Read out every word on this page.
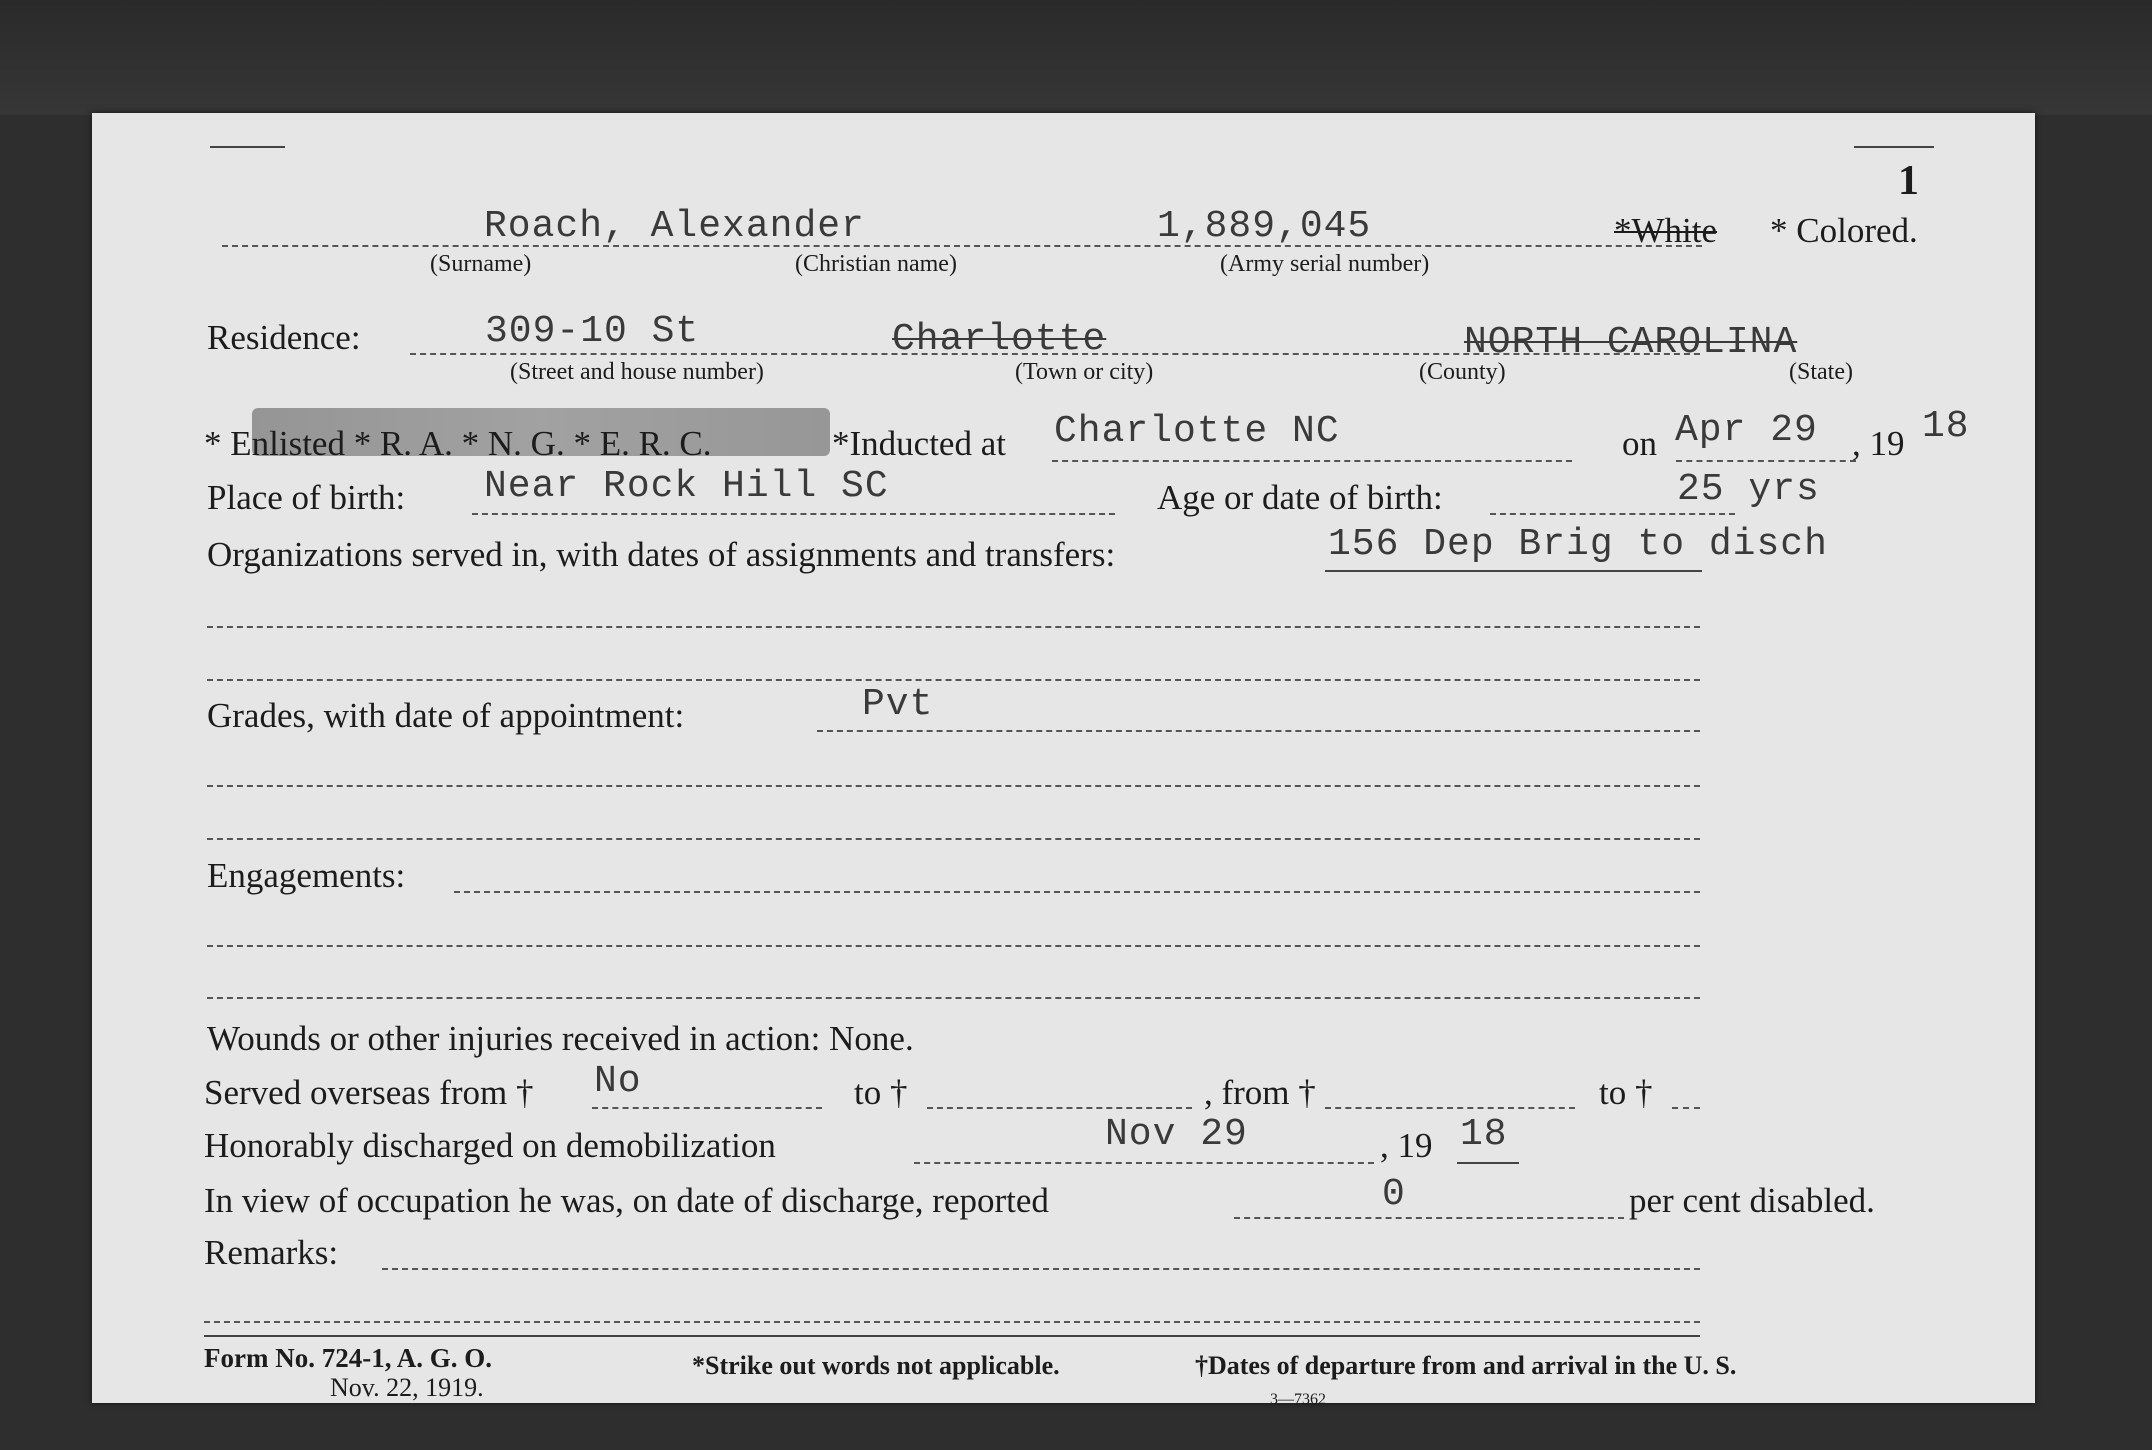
1
Roach, Alexander	1,889,045	*White * Colored.
(Surname)	(Christian name)	(Army serial number)
Residence:	309-10 St	Charlotte	NORTH CAROLINA
(Street and house number)	(Town or city)	(County)	(State)
* Enlisted * R. A. * N. G. * E. R. C.	*Inducted at Charlotte NC	on Apr 29 , 19 18
Place of birth: Near Rock Hill SC	Age or date of birth:	25 yrs
Organizations served in, with dates of assignments and transfers:	156 Dep Brig to disch
Grades, with date of appointment:	Pvt
Engagements:
Wounds or other injuries received in action: None.
Served overseas from † No	to †	, from †	to †
Honorably discharged on demobilization	Nov 29	, 19 18
In view of occupation he was, on date of discharge, reported	0	per cent disabled.
Remarks:
Form No. 724-1, A. G. O.
Nov. 22, 1919.
*Strike out words not applicable.	†Dates of departure from and arrival in the U. S.
3—7362
